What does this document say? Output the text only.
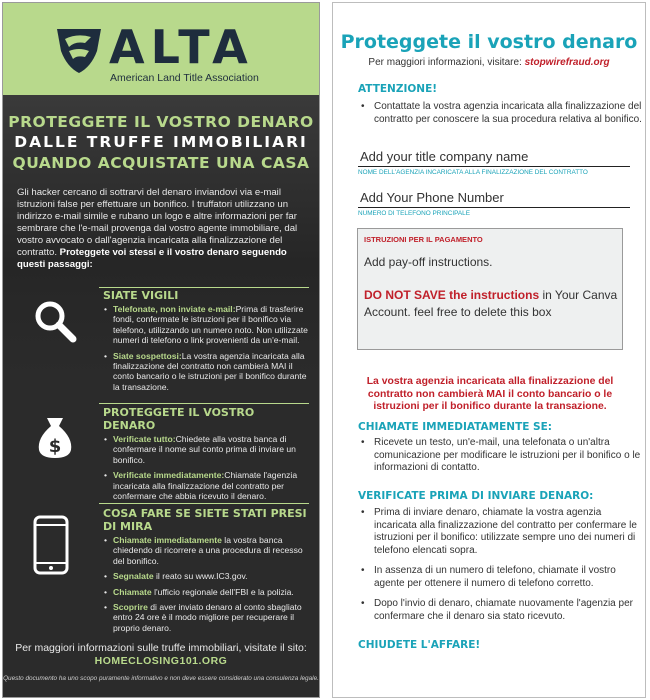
ALTA
American Land Title Association
PROTEGGETE IL VOSTRO DENARO
DALLE TRUFFE IMMOBILIARI
QUANDO ACQUISTATE UNA CASA
Gli hacker cercano di sottrarvi del denaro inviandovi via e-mail istruzioni false per effettuare un bonifico. I truffatori utilizzano un indirizzo e-mail simile e rubano un logo e altre informazioni per far sembrare che l'e-mail provenga dal vostro agente immobiliare, dal vostro avvocato o dall'agenzia incaricata alla finalizzazione del contratto. Proteggete voi stessi e il vostro denaro seguendo questi passaggi:
SIATE VIGILI
• Telefonate, non inviate e-mail:Prima di trasferire fondi, confermate le istruzioni per il bonifico via telefono, utilizzando un numero noto. Non utilizzate numeri di telefono o link provenienti da un'e-mail.
• Siate sospettosi:La vostra agenzia incaricata alla finalizzazione del contratto non cambierà MAI il conto bancario o le istruzioni per il bonifico durante la transazione.
$
PROTEGGETE IL VOSTRO DENARO
• Verificate tutto:Chiedete alla vostra banca di confermare il nome sul conto prima di inviare un bonifico.
• Verificate immediatamente:Chiamate l'agenzia incaricata alla finalizzazione del contratto per confermare che abbia ricevuto il denaro.
COSA FARE SE SIETE STATI PRESI DI MIRA
• Chiamate immediatamente la vostra banca chiedendo di ricorrere a una procedura di recesso del bonifico.
• Segnalate il reato su www.IC3.gov.
• Chiamate l'ufficio regionale dell'FBI e la polizia.
• Scoprire di aver inviato denaro al conto sbagliato entro 24 ore è il modo migliore per recuperare il proprio denaro.
Per maggiori informazioni sulle truffe immobiliari, visitate il sito: HOMECLOSING101.ORG
Questo documento ha uno scopo puramente informativo e non deve essere considerato una consulenza legale.
Proteggete il vostro denaro
Per maggiori informazioni, visitare: stopwirefraud.org
ATTENZIONE!
• Contattate la vostra agenzia incaricata alla finalizzazione del contratto per conoscere la sua procedura relativa al bonifico.
Add your title company name
NOME DELL'AGENZIA INCARICATA ALLA FINALIZZAZIONE DEL CONTRATTO
Add Your Phone Number
NUMERO DI TELEFONO PRINCIPALE
ISTRUZIONI PER IL PAGAMENTO
Add pay-off instructions.
DO NOT SAVE the instructions in Your Canva Account. feel free to delete this box
La vostra agenzia incaricata alla finalizzazione del contratto non cambierà MAI il conto bancario o le istruzioni per il bonifico durante la transazione.
CHIAMATE IMMEDIATAMENTE SE:
• Ricevete un testo, un'e-mail, una telefonata o un'altra comunicazione per modificare le istruzioni per il bonifico o le informazioni di contatto.
VERIFICATE PRIMA DI INVIARE DENARO:
• Prima di inviare denaro, chiamate la vostra agenzia incaricata alla finalizzazione del contratto per confermare le istruzioni per il bonifico: utilizzate sempre uno dei numeri di telefono elencati sopra.
• In assenza di un numero di telefono, chiamate il vostro agente per ottenere il numero di telefono corretto.
• Dopo l'invio di denaro, chiamate nuovamente l'agenzia per confermare che il denaro sia stato ricevuto.
CHIUDETE L'AFFARE!
